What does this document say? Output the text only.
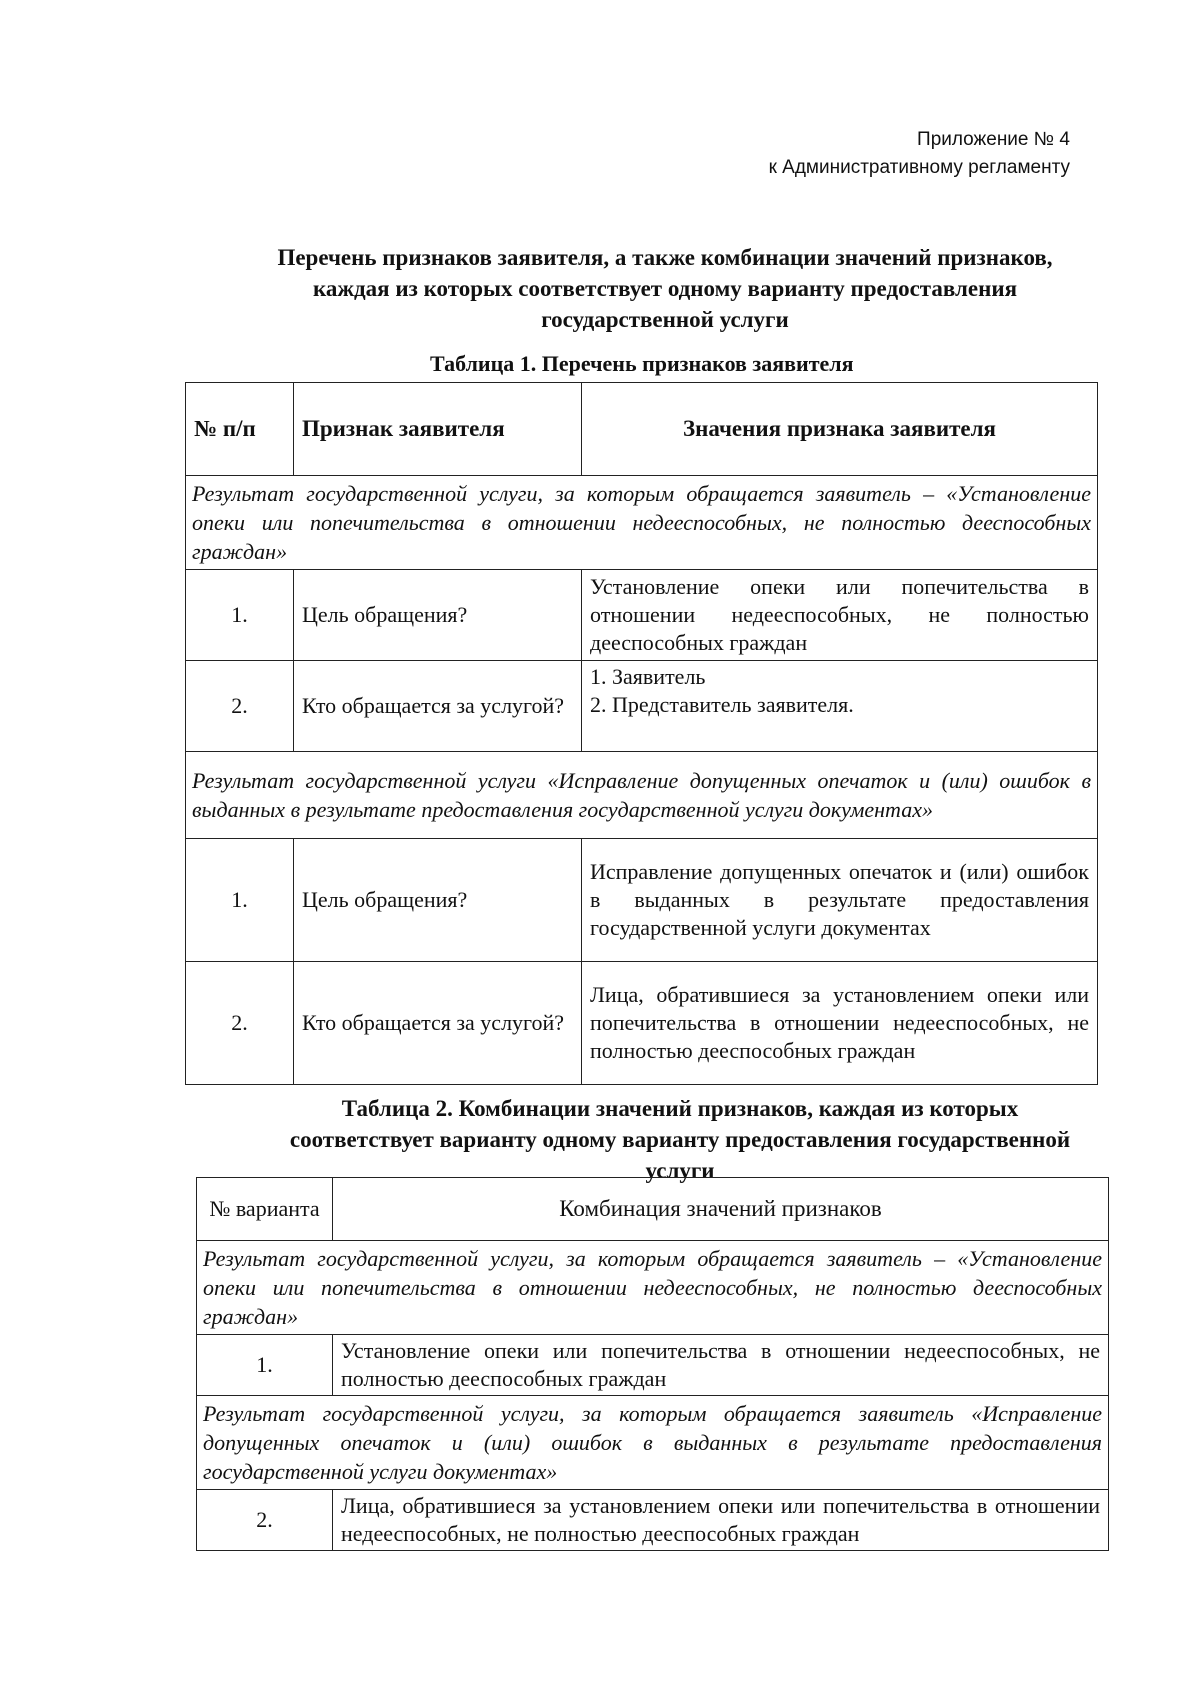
Приложение № 4
к Административному регламенту
Перечень признаков заявителя, а также комбинации значений признаков, каждая из которых соответствует одному варианту предоставления государственной услуги
Таблица 1. Перечень признаков заявителя
№ п/п	Признак заявителя	Значения признака заявителя
Результат государственной услуги, за которым обращается заявитель – «Установление опеки или попечительства в отношении недееспособных, не полностью дееспособных граждан»		
1.	Цель обращения?	Установление опеки или попечительства в отношении недееспособных, не полностью дееспособных граждан
2.	Кто обращается за услугой?	1. Заявитель
2. Представитель заявителя.

Результат государственной услуги «Исправление допущенных опечаток и (или) ошибок в выданных в результате предоставления государственной услуги документах»		
1.	Цель обращения?	Исправление допущенных опечаток и (или) ошибок в выданных в результате предоставления государственной услуги документах
2.	Кто обращается за услугой?	Лица, обратившиеся за установлением опеки или попечительства в отношении недееспособных, не полностью дееспособных граждан
Таблица 2. Комбинации значений признаков, каждая из которых соответствует варианту одному варианту предоставления государственной услуги
№ варианта	Комбинация значений признаков
Результат государственной услуги, за которым обращается заявитель – «Установление опеки или попечительства в отношении недееспособных, не полностью дееспособных граждан»	
1.	Установление опеки или попечительства в отношении недееспособных, не полностью дееспособных граждан
Результат государственной услуги, за которым обращается заявитель «Исправление допущенных опечаток и (или) ошибок в выданных в результате предоставления государственной услуги документах»	
2.	Лица, обратившиеся за установлением опеки или попечительства в отношении недееспособных, не полностью дееспособных граждан
